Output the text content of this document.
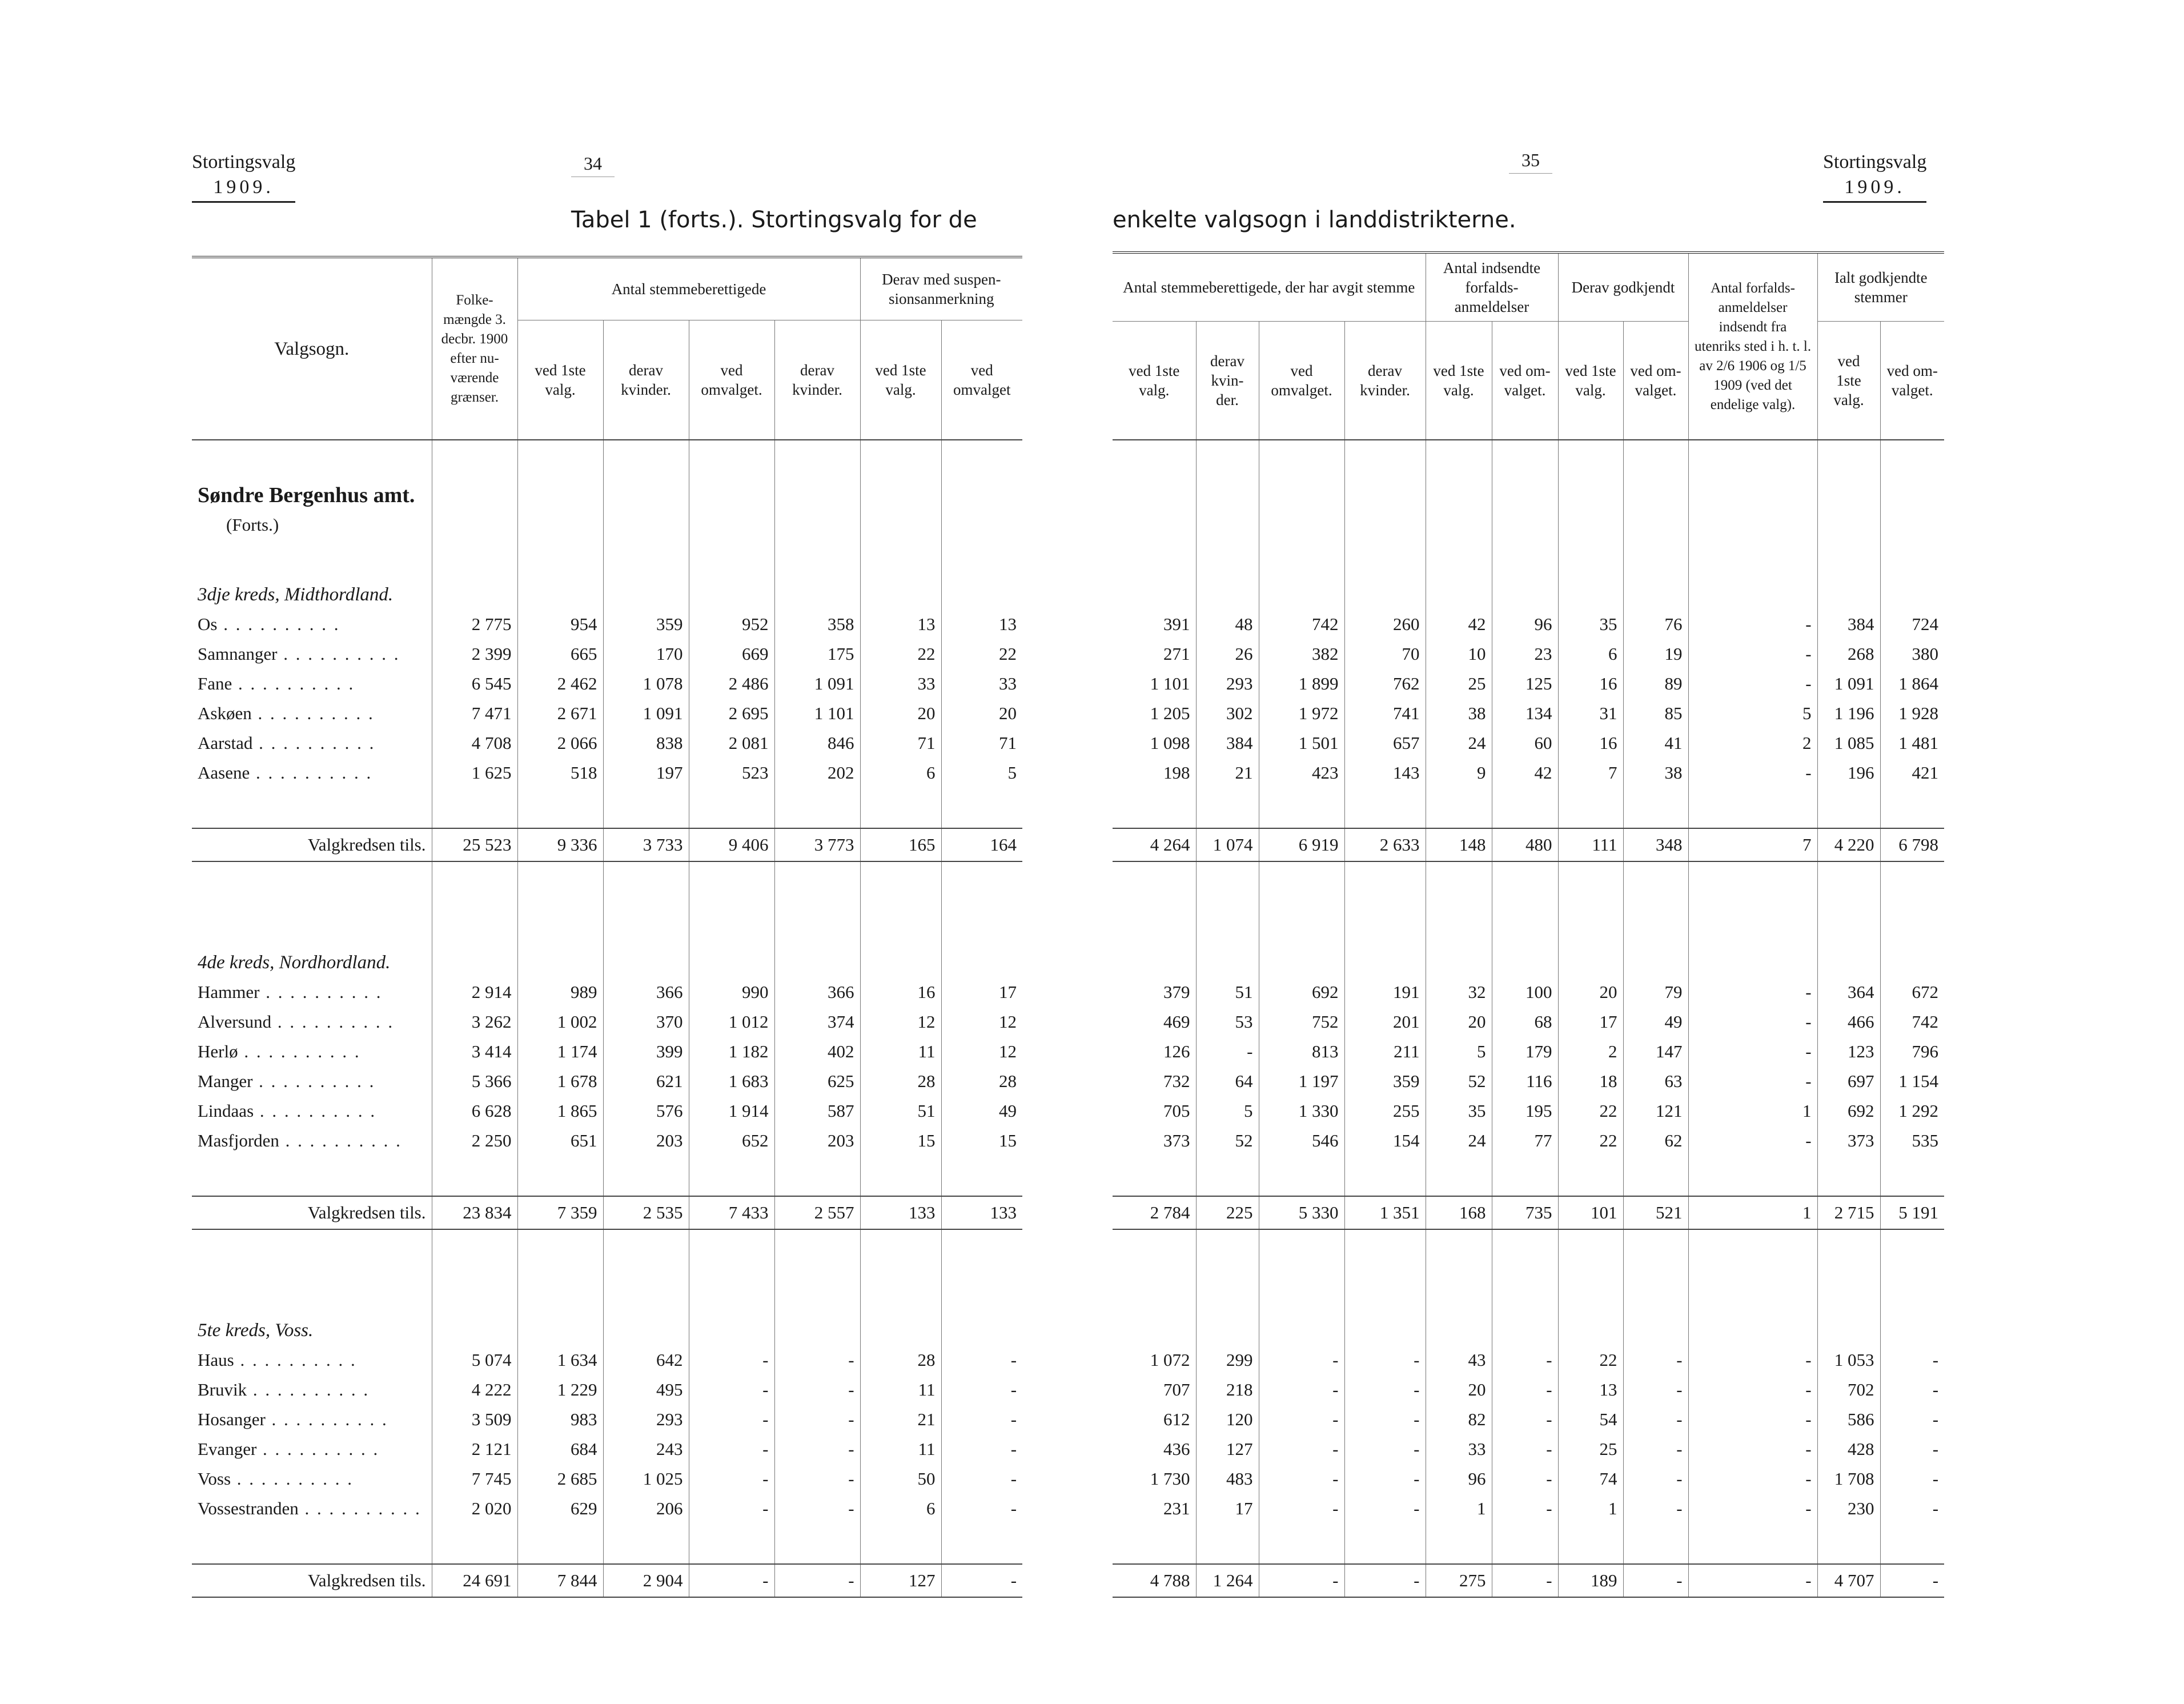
Stortingsvalg
1909.
34
Tabel 1 (forts.). Stortingsvalg for de
Valgsogn.	Folke-mængde 3. decbr. 1900 efter nu-værende grænser.	Antal stemmeberettigede				Derav med suspen-sionsanmerkning	
		ved 1ste valg.	derav kvinder.	ved omvalget.	derav kvinder.	ved 1ste valg.	ved omvalget

Søndre Bergenhus amt.							
(Forts.)							

3dje kreds, Midthordland.							
Os . . .	2 775	954	359	952	358	13	13
Samnanger . . .	2 399	665	170	669	175	22	22
Fane . . .	6 545	2 462	1 078	2 486	1 091	33	33
Askøen . . .	7 471	2 671	1 091	2 695	1 101	20	20
Aarstad . . .	4 708	2 066	838	2 081	846	71	71
Aasene . . .	1 625	518	197	523	202	6	5

Valgkredsen tils.	25 523	9 336	3 733	9 406	3 773	165	164

4de kreds, Nordhordland.							
Hammer . . .	2 914	989	366	990	366	16	17
Alversund . . .	3 262	1 002	370	1 012	374	12	12
Herlø . . .	3 414	1 174	399	1 182	402	11	12
Manger . . .	5 366	1 678	621	1 683	625	28	28
Lindaas . . .	6 628	1 865	576	1 914	587	51	49
Masfjorden . . .	2 250	651	203	652	203	15	15

Valgkredsen tils.	23 834	7 359	2 535	7 433	2 557	133	133

5te kreds, Voss.							
Haus . . .	5 074	1 634	642	-	-	28	-
Bruvik . . .	4 222	1 229	495	-	-	11	-
Hosanger . . .	3 509	983	293	-	-	21	-
Evanger . . .	2 121	684	243	-	-	11	-
Voss . . .	7 745	2 685	1 025	-	-	50	-
Vossestranden . . .	2 020	629	206	-	-	6	-

Valgkredsen tils.	24 691	7 844	2 904	-	-	127	-
35	Stortingsvalg
1909.
enkelte valgsogn i landdistrikterne.
Antal stemmeberettigede, der har avgit stemme				Antal indsendte forfalds-anmeldelser		Derav godkjendt		Antal forfalds-anmeldelser indsendt fra utenriks sted i h. t. l. av 2/6 1906 og 1/5 1909 (ved det endelige valg).	Ialt godkjendte stemmer	
ved 1ste valg.	derav kvin-der.	ved omvalget.	derav kvinder.	ved 1ste valg.	ved om-valget.	ved 1ste valg.	ved om-valget.		ved 1ste valg.	ved om-valget.

391	48	742	260	42	96	35	76	-	384	724
271	26	382	70	10	23	6	19	-	268	380
1 101	293	1 899	762	25	125	16	89	-	1 091	1 864
1 205	302	1 972	741	38	134	31	85	5	1 196	1 928
1 098	384	1 501	657	24	60	16	41	2	1 085	1 481
198	21	423	143	9	42	7	38	-	196	421

4 264	1 074	6 919	2 633	148	480	111	348	7	4 220	6 798

379	51	692	191	32	100	20	79	-	364	672
469	53	752	201	20	68	17	49	-	466	742
126	-	813	211	5	179	2	147	-	123	796
732	64	1 197	359	52	116	18	63	-	697	1 154
705	5	1 330	255	35	195	22	121	1	692	1 292
373	52	546	154	24	77	22	62	-	373	535

2 784	225	5 330	1 351	168	735	101	521	1	2 715	5 191

1 072	299	-	-	43	-	22	-	-	1 053	-
707	218	-	-	20	-	13	-	-	702	-
612	120	-	-	82	-	54	-	-	586	-
436	127	-	-	33	-	25	-	-	428	-
1 730	483	-	-	96	-	74	-	-	1 708	-
231	17	-	-	1	-	1	-	-	230	-

4 788	1 264	-	-	275	-	189	-	-	4 707	-
